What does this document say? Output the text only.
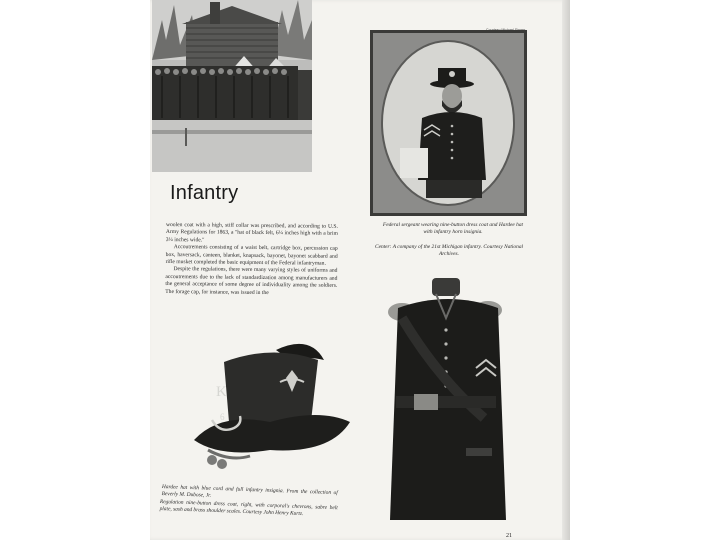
Federal sergeant wearing nine-button dress coat and Hardee hat with infantry horn insignia.

Center: A company of the 21st Michigan infantry. Courtesy National Archives.

Infantry

woolen coat with a high, stiff collar was prescribed, and according to U.S. Army Regulations for 1863, a "hat of black felt, 6¼ inches high with a brim 3¼ inches wide."

Accoutrements consisting of a waist belt, cartridge box, percussion cap box, haversack, canteen, blanket, knapsack, bayonet, bayonet scabbard and rifle musket completed the basic equipment of the Federal infantryman.

Despite the regulations, there were many varying styles of uniforms and accoutrements due to the lack of standardization among manufacturers and the general acceptance of some degree of individuality among the soldiers. The forage cap, for instance, was issued in the

K
6

Hardee hat with blue cord and full infantry insignia. From the collection of Beverly M. Dubose, Jr.

Regulation nine-button dress coat, right, with corporal's chevrons, sabre belt plate, sash and brass shoulder scales. Courtesy John Henry Kurtz.

21
